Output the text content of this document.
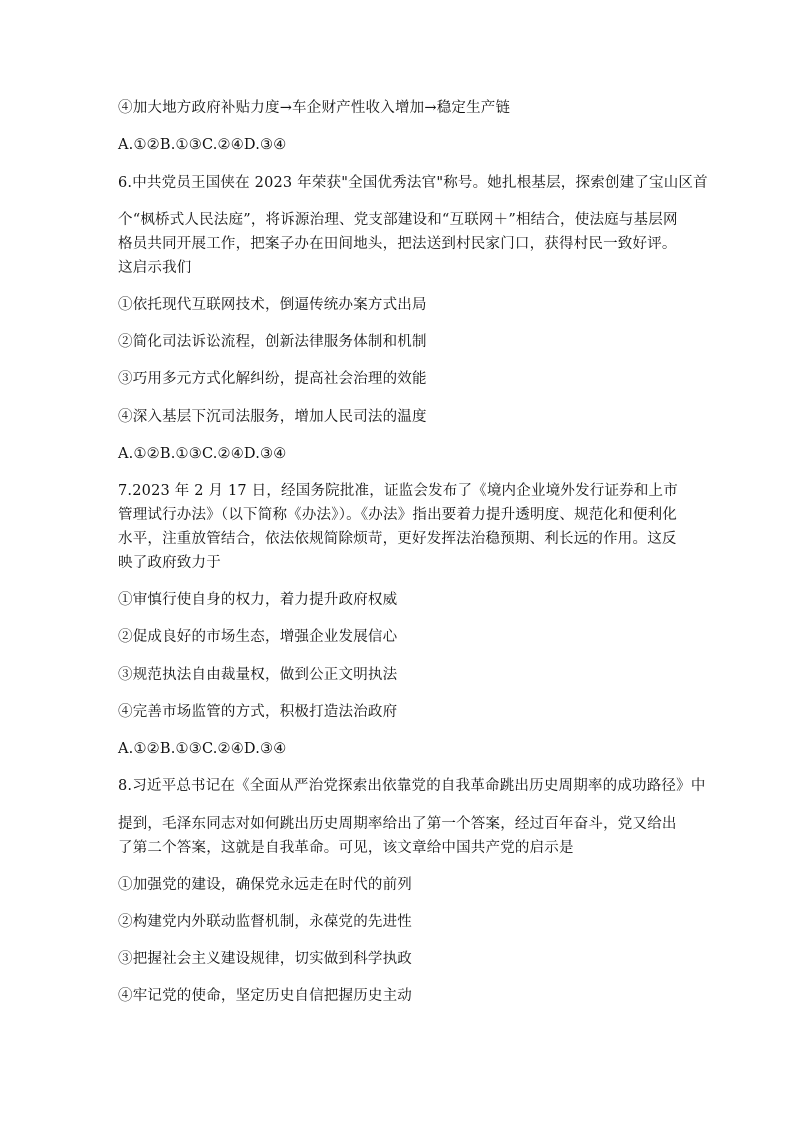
④加大地方政府补贴力度→车企财产性收入增加→稳定生产链
A.①②B.①③C.②④D.③④
6.中共党员王国侠在 2023 年荣获"全国优秀法官"称号。她扎根基层，探索创建了宝山区首
个“枫桥式人民法庭”，将诉源治理、党支部建设和“互联网＋”相结合，使法庭与基层网格员共同开展工作，把案子办在田间地头，把法送到村民家门口，获得村民一致好评。这启示我们
①依托现代互联网技术，倒逼传统办案方式出局
②简化司法诉讼流程，创新法律服务体制和机制
③巧用多元方式化解纠纷，提高社会治理的效能
④深入基层下沉司法服务，增加人民司法的温度
A.①②B.①③C.②④D.③④
7.2023 年 2 月 17 日，经国务院批准，证监会发布了《境内企业境外发行证券和上市管理试行办法》（以下简称《办法》）。《办法》指出要着力提升透明度、规范化和便利化水平，注重放管结合，依法依规简除烦苛，更好发挥法治稳预期、利长远的作用。这反映了政府致力于
①审慎行使自身的权力，着力提升政府权威
②促成良好的市场生态，增强企业发展信心
③规范执法自由裁量权，做到公正文明执法
④完善市场监管的方式，积极打造法治政府
A.①②B.①③C.②④D.③④
8.习近平总书记在《全面从严治党探索出依靠党的自我革命跳出历史周期率的成功路径》中
提到，毛泽东同志对如何跳出历史周期率给出了第一个答案，经过百年奋斗，党又给出了第二个答案，这就是自我革命。可见，该文章给中国共产党的启示是
①加强党的建设，确保党永远走在时代的前列
②构建党内外联动监督机制，永葆党的先进性
③把握社会主义建设规律，切实做到科学执政
④牢记党的使命，坚定历史自信把握历史主动
